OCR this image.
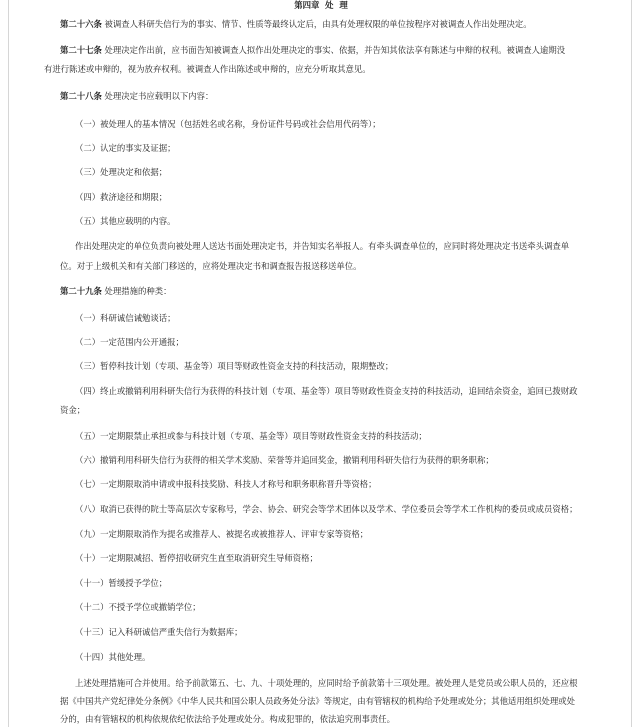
第四章  处  理
第二十六条 被调查人科研失信行为的事实、情节、性质等最终认定后，由具有处理权限的单位按程序对被调查人作出处理决定。
第二十七条 处理决定作出前，应书面告知被调查人拟作出处理决定的事实、依据，并告知其依法享有陈述与申辩的权利。被调查人逾期没
有进行陈述或申辩的，视为放弃权利。被调查人作出陈述或申辩的，应充分听取其意见。
第二十八条 处理决定书应载明以下内容：
（一）被处理人的基本情况（包括姓名或名称，身份证件号码或社会信用代码等）；
（二）认定的事实及证据；
（三）处理决定和依据；
（四）救济途径和期限；
（五）其他应载明的内容。
作出处理决定的单位负责向被处理人送达书面处理决定书，并告知实名举报人。有牵头调查单位的，应同时将处理决定书送牵头调查单
位。对于上级机关和有关部门移送的，应将处理决定书和调查报告报送移送单位。
第二十九条 处理措施的种类：
（一）科研诚信诫勉谈话；
（二）一定范围内公开通报；
（三）暂停科技计划（专项、基金等）项目等财政性资金支持的科技活动，限期整改；
（四）终止或撤销利用科研失信行为获得的科技计划（专项、基金等）项目等财政性资金支持的科技活动，追回结余资金，追回已拨财政
资金；
（五）一定期限禁止承担或参与科技计划（专项、基金等）项目等财政性资金支持的科技活动；
（六）撤销利用科研失信行为获得的相关学术奖励、荣誉等并追回奖金，撤销利用科研失信行为获得的职务职称；
（七）一定期限取消申请或申报科技奖励、科技人才称号和职务职称晋升等资格；
（八）取消已获得的院士等高层次专家称号，学会、协会、研究会等学术团体以及学术、学位委员会等学术工作机构的委员或成员资格；
（九）一定期限取消作为提名或推荐人、被提名或被推荐人、评审专家等资格；
（十）一定期限减招、暂停招收研究生直至取消研究生导师资格；
（十一）暂缓授予学位；
（十二）不授予学位或撤销学位；
（十三）记入科研诚信严重失信行为数据库；
（十四）其他处理。
上述处理措施可合并使用。给予前款第五、七、九、十项处理的，应同时给予前款第十三项处理。被处理人是党员或公职人员的，还应根
据《中国共产党纪律处分条例》《中华人民共和国公职人员政务处分法》等规定，由有管辖权的机构给予处理或处分；其他适用组织处理或处
分的，由有管辖权的机构依规依纪依法给予处理或处分。构成犯罪的，依法追究刑事责任。
